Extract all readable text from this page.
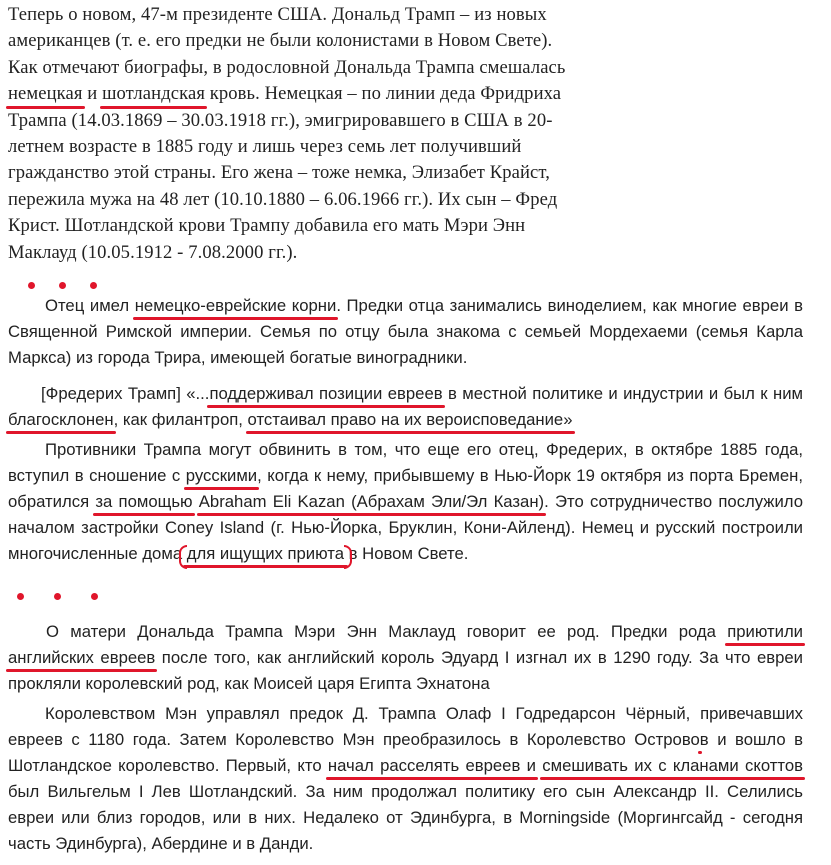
Теперь о новом, 47-м президенте США. Дональд Трамп – из новых
американцев (т. е. его предки не были колонистами в Новом Свете).
Как отмечают биографы, в родословной Дональда Трампа смешалась
немецкая и шотландская кровь. Немецкая – по линии деда Фридриха
Трампа (14.03.1869 – 30.03.1918 гг.), эмигрировавшего в США в 20-
летнем возрасте в 1885 году и лишь через семь лет получивший
гражданство этой страны. Его жена – тоже немка, Элизабет Крайст,
пережила мужа на 48 лет (10.10.1880 – 6.06.1966 гг.). Их сын – Фред
Крист. Шотландской крови Трампу добавила его мать Мэри Энн
Маклауд (10.05.1912 - 7.08.2000 гг.).

Отец имел немецко-еврейские корни. Предки отца занимались виноделием, как многие евреи в Священной Римской империи. Семья по отцу была знакома с семьей Мордехаеми (семья Карла Маркса) из города Трира, имеющей богатые виноградники.

[Фредерих Трамп] «...поддерживал позиции евреев в местной политике и индустрии и был к ним благосклонен, как филантроп, отстаивал право на их вероисповедание»

Противники Трампа могут обвинить в том, что еще его отец, Фредерих, в октябре 1885 года, вступил в сношение с русскими, когда к нему, прибывшему в Нью-Йорк 19 октября из порта Бремен, обратился за помощью Abraham Eli Kazan (Абрахам Эли/Эл Казан). Это сотрудничество послужило началом застройки Coney Island (г. Нью-Йорка, Бруклин, Кони-Айленд). Немец и русский построили многочисленные дома для ищущих приюта
в Новом Свете.

О матери Дональда Трампа Мэри Энн Маклауд говорит ее род. Предки рода приютили английских евреев после того, как английский король Эдуард I изгнал их в 1290 году. За что евреи прокляли королевский род, как Моисей царя Египта Эхнатона

Королевством Мэн управлял предок Д. Трампа Олаф I Годредарсон Чёрный, привечавших евреев с 1180 года. Затем Королевство Мэн преобразилось в Королевство Островов и вошло в Шотландское королевство. Первый, кто начал расселять евреев и смешивать их с кланами скоттов был Вильгельм I Лев Шотландский. За ним продолжал политику его сын Александр II. Селились евреи или близ городов, или в них. Недалеко от Эдинбурга, в Morningside (Моргингсайд - сегодня часть Эдинбурга), Абердине и в Данди.
